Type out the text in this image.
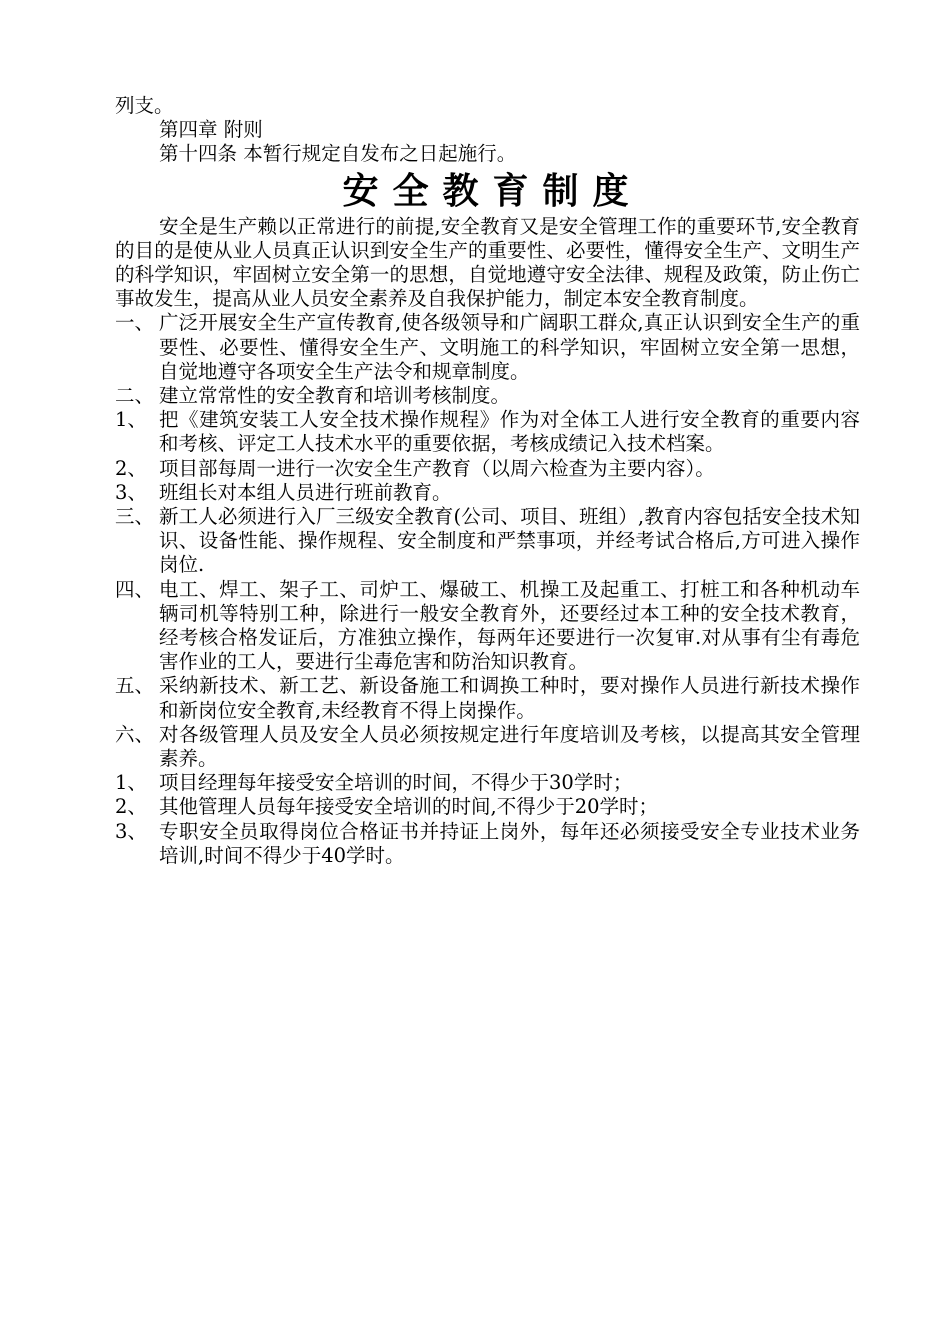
列支。
第四章 附则
第十四条 本暂行规定自发布之日起施行。
安全教育制度
安全是生产赖以正常进行的前提,安全教育又是安全管理工作的重要环节,安全教育的目的是使从业人员真正认识到安全生产的重要性、必要性，懂得安全生产、文明生产的科学知识，牢固树立安全第一的思想，自觉地遵守安全法律、规程及政策，防止伤亡事故发生，提高从业人员安全素养及自我保护能力，制定本安全教育制度。
一、 广泛开展安全生产宣传教育,使各级领导和广阔职工群众,真正认识到安全生产的重要性、必要性、懂得安全生产、文明施工的科学知识，牢固树立安全第一思想，自觉地遵守各项安全生产法令和规章制度。
二、 建立常常性的安全教育和培训考核制度。
1、 把《建筑安装工人安全技术操作规程》作为对全体工人进行安全教育的重要内容和考核、评定工人技术水平的重要依据，考核成绩记入技术档案。
2、 项目部每周一进行一次安全生产教育（以周六检查为主要内容）。
3、 班组长对本组人员进行班前教育。
三、 新工人必须进行入厂三级安全教育(公司、项目、班组）,教育内容包括安全技术知识、设备性能、操作规程、安全制度和严禁事项，并经考试合格后,方可进入操作岗位.
四、 电工、焊工、架子工、司炉工、爆破工、机操工及起重工、打桩工和各种机动车辆司机等特别工种，除进行一般安全教育外，还要经过本工种的安全技术教育，经考核合格发证后，方准独立操作，每两年还要进行一次复审.对从事有尘有毒危害作业的工人，要进行尘毒危害和防治知识教育。
五、 采纳新技术、新工艺、新设备施工和调换工种时，要对操作人员进行新技术操作和新岗位安全教育,未经教育不得上岗操作。
六、 对各级管理人员及安全人员必须按规定进行年度培训及考核，以提高其安全管理素养。
1、 项目经理每年接受安全培训的时间，不得少于30学时；
2、 其他管理人员每年接受安全培训的时间,不得少于20学时；
3、 专职安全员取得岗位合格证书并持证上岗外，每年还必须接受安全专业技术业务培训,时间不得少于40学时。
